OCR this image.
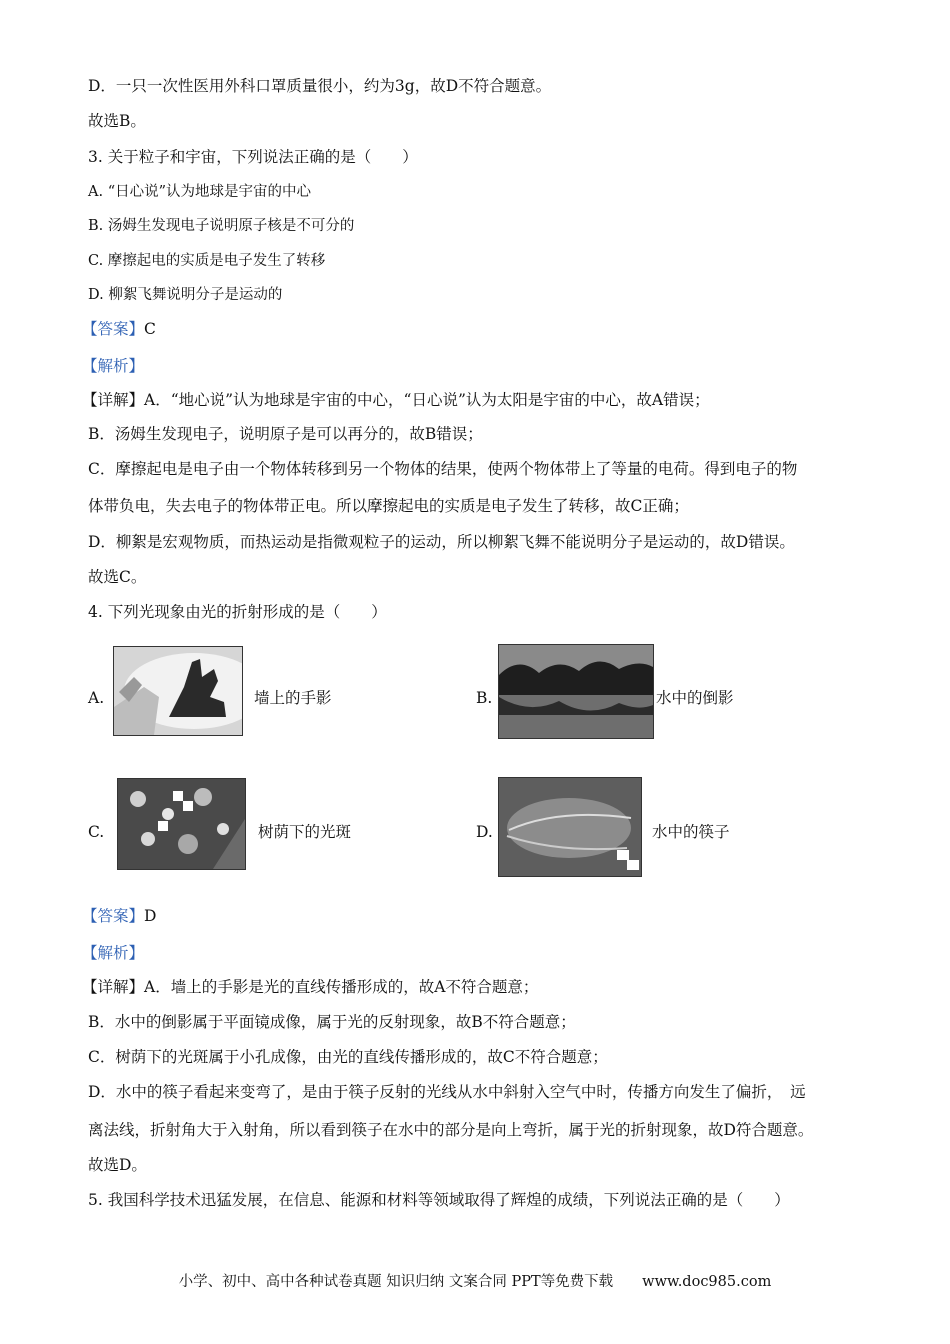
D．一只一次性医用外科口罩质量很小，约为3g，故D不符合题意。
故选B。
3. 关于粒子和宇宙，下列说法正确的是（　　）
A. “日心说”认为地球是宇宙的中心
B. 汤姆生发现电子说明原子核是不可分的
C. 摩擦起电的实质是电子发生了转移
D. 柳絮飞舞说明分子是运动的
【答案】C
【解析】
【详解】A．“地心说”认为地球是宇宙的中心，“日心说”认为太阳是宇宙的中心，故A错误；
B．汤姆生发现电子，说明原子是可以再分的，故B错误；
C．摩擦起电是电子由一个物体转移到另一个物体的结果，使两个物体带上了等量的电荷。得到电子的物
体带负电，失去电子的物体带正电。所以摩擦起电的实质是电子发生了转移，故C正确；
D．柳絮是宏观物质，而热运动是指微观粒子的运动，所以柳絮飞舞不能说明分子是运动的，故D错误。
故选C。
4. 下列光现象由光的折射形成的是（　　）
A.	墙上的手影	B.	水中的倒影
C.	树荫下的光斑	D.	水中的筷子
【答案】D
【解析】
【详解】A．墙上的手影是光的直线传播形成的，故A不符合题意；
B．水中的倒影属于平面镜成像，属于光的反射现象，故B不符合题意；
C．树荫下的光斑属于小孔成像，由光的直线传播形成的，故C不符合题意；
D．水中的筷子看起来变弯了，是由于筷子反射的光线从水中斜射入空气中时，传播方向发生了偏折，　远
离法线，折射角大于入射角，所以看到筷子在水中的部分是向上弯折，属于光的折射现象，故D符合题意。
故选D。
5. 我国科学技术迅猛发展，在信息、能源和材料等领域取得了辉煌的成绩，下列说法正确的是（　　）
小学、初中、高中各种试卷真题 知识归纳 文案合同 PPT等免费下载　　www.doc985.com
